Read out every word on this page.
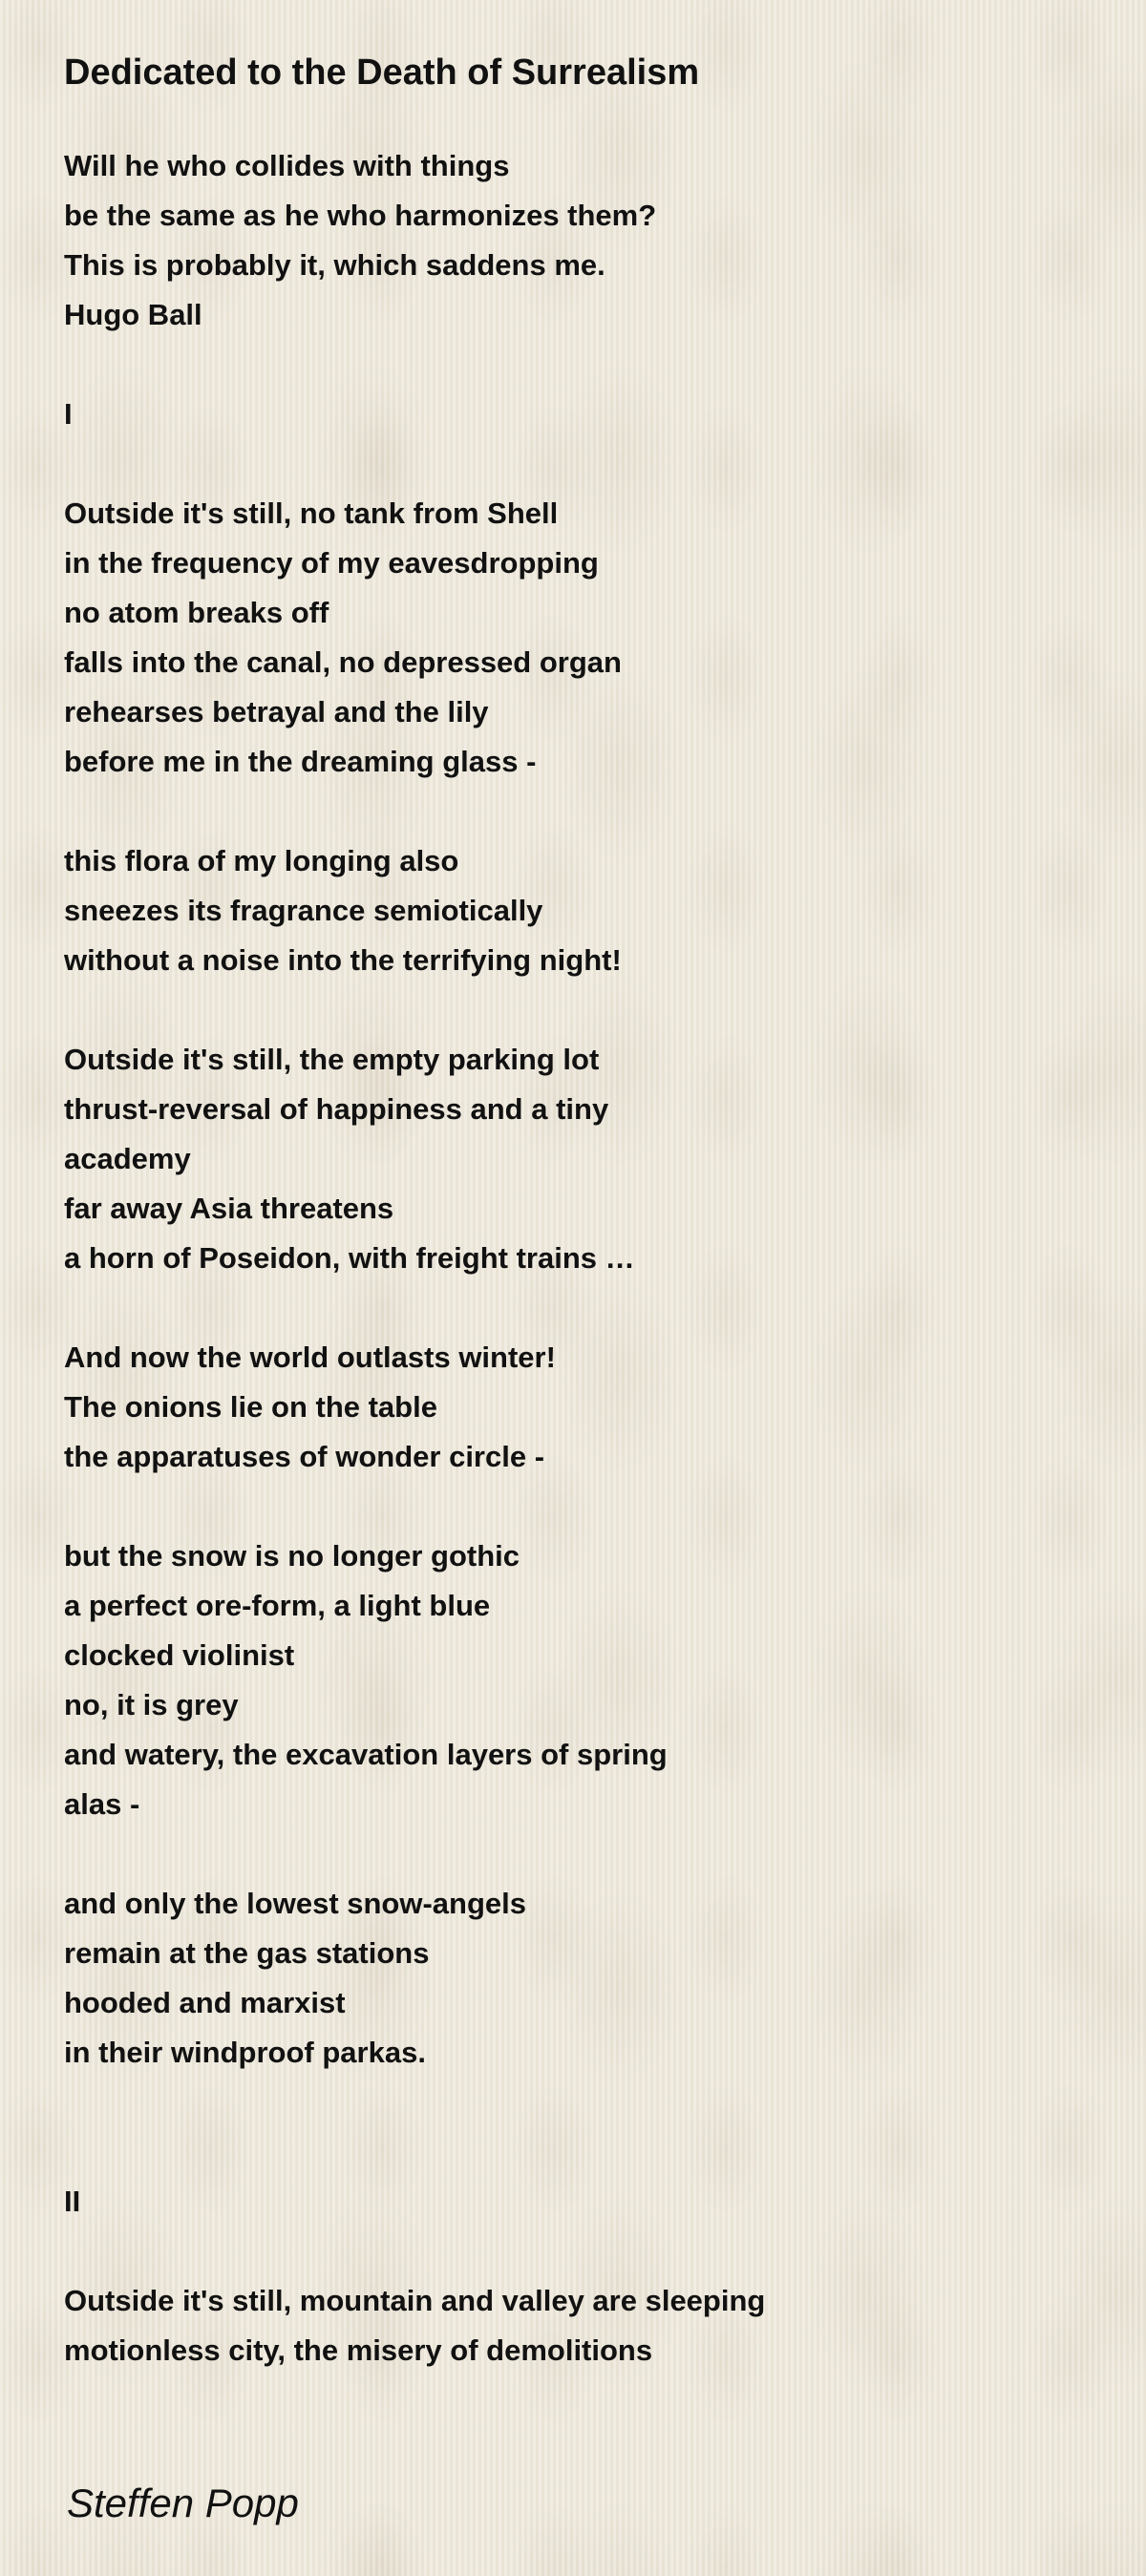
Dedicated to the Death of Surrealism
Will he who collides with things
be the same as he who harmonizes them?
This is probably it, which saddens me.
Hugo Ball
I
Outside it's still, no tank from Shell
in the frequency of my eavesdropping
no atom breaks off
falls into the canal, no depressed organ
rehearses betrayal and the lily
before me in the dreaming glass -
this flora of my longing also
sneezes its fragrance semiotically
without a noise into the terrifying night!
Outside it's still, the empty parking lot
thrust-reversal of happiness and a tiny
academy
far away Asia threatens
a horn of Poseidon, with freight trains …
And now the world outlasts winter!
The onions lie on the table
the apparatuses of wonder circle -
but the snow is no longer gothic
a perfect ore-form, a light blue
clocked violinist
no, it is grey
and watery, the excavation layers of spring
alas -
and only the lowest snow-angels
remain at the gas stations
hooded and marxist
in their windproof parkas.
II
Outside it's still, mountain and valley are sleeping
motionless city, the misery of demolitions
Steffen Popp
